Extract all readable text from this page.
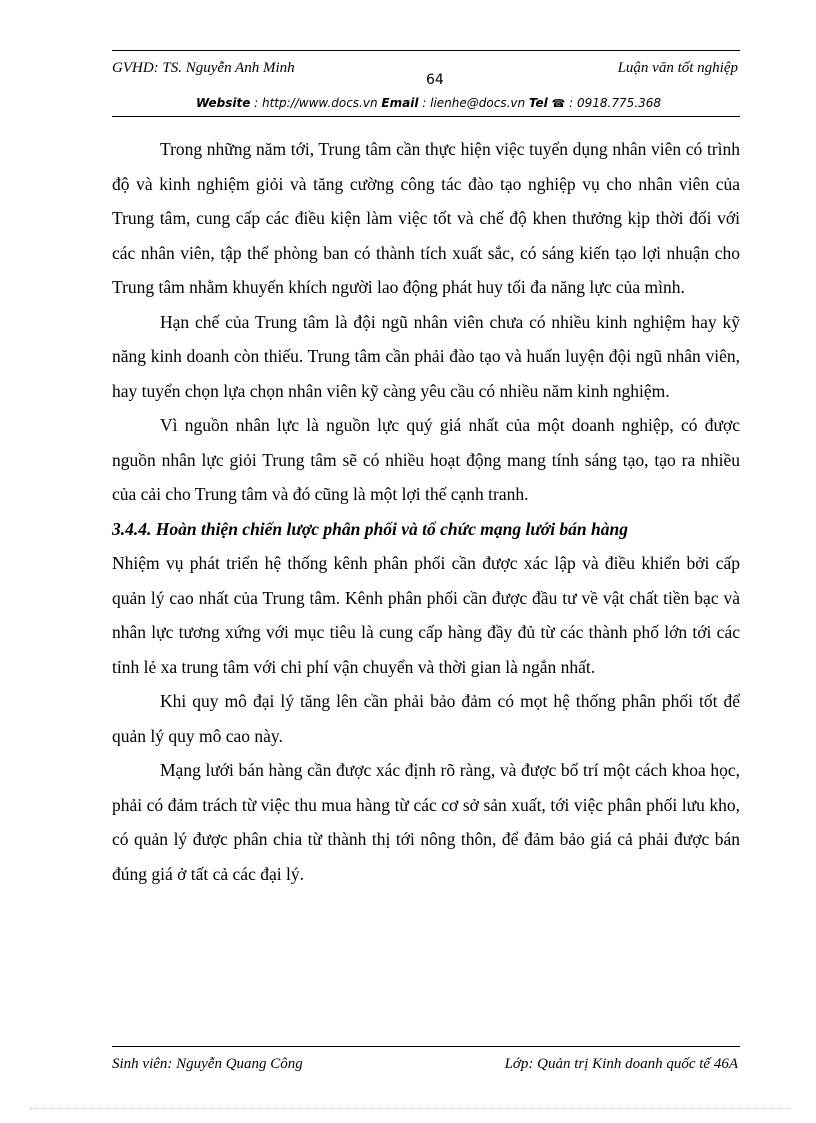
GVHD: TS. Nguyễn Anh Minh	Luận văn tốt nghiệp
64
Website : http://www.docs.vn Email : lienhe@docs.vn Tel ☎ : 0918.775.368

Trong những năm tới, Trung tâm cần thực hiện việc tuyển dụng nhân viên có trình độ và kinh nghiệm giỏi và tăng cường công tác đào tạo nghiệp vụ cho nhân viên của Trung tâm, cung cấp các điều kiện làm việc tốt và chế độ khen thưởng kịp thời đối với các nhân viên, tập thể phòng ban có thành tích xuất sắc, có sáng kiến tạo lợi nhuận cho Trung tâm nhằm khuyến khích người lao động phát huy tối đa năng lực của mình.

Hạn chế của Trung tâm là đội ngũ nhân viên chưa có nhiều kinh nghiệm hay kỹ năng kinh doanh còn thiếu. Trung tâm cần phải đào tạo và huấn luyện đội ngũ nhân viên, hay tuyển chọn lựa chọn nhân viên kỹ càng yêu cầu có nhiều năm kinh nghiệm.

Vì nguồn nhân lực là nguồn lực quý giá nhất của một doanh nghiệp, có được nguồn nhân lực giỏi Trung tâm sẽ có nhiều hoạt động mang tính sáng tạo, tạo ra nhiều của cải cho Trung tâm và đó cũng là một lợi thế cạnh tranh.

3.4.4. Hoàn thiện chiến lược phân phối và tổ chức mạng lưới bán hàng

Nhiệm vụ phát triển hệ thống kênh phân phối cần được xác lập và điều khiển bởi cấp quản lý cao nhất của Trung tâm. Kênh phân phối cần được đầu tư về vật chất tiền bạc và nhân lực tương xứng với mục tiêu là cung cấp hàng đầy đủ từ các thành phố lớn tới các tỉnh lẻ xa trung tâm với chi phí vận chuyển và thời gian là ngắn nhất.

Khi quy mô đại lý tăng lên cần phải bảo đảm có mọt hệ thống phân phối tốt để quản lý quy mô cao này.

Mạng lưới bán hàng cần được xác định rõ ràng, và được bố trí một cách khoa học, phải có đảm trách từ việc thu mua hàng từ các cơ sở sản xuất, tới việc phân phối lưu kho, có quản lý được phân chia từ thành thị tới nông thôn, để đảm bảo giá cả phải được bán đúng giá ở tất cả các đại lý.

Sinh viên: Nguyễn Quang Công	Lớp: Quản trị Kinh doanh quốc tế 46A
